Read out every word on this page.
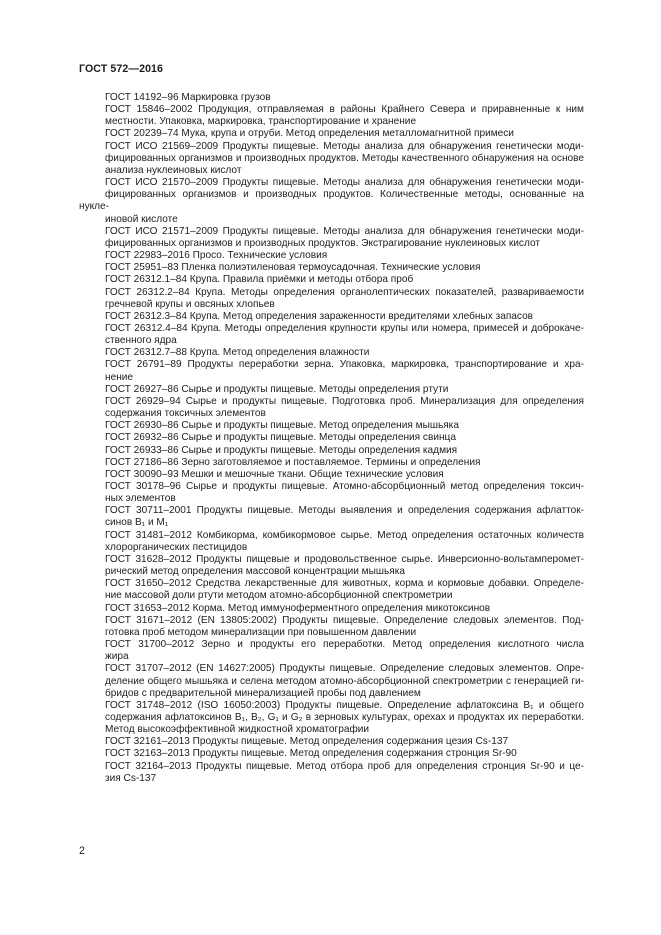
ГОСТ 572—2016

ГОСТ 14192–96 Маркировка грузов

ГОСТ 15846–2002 Продукция, отправляемая в районы Крайнего Севера и приравненные к ним
местности. Упаковка, маркировка, транспортирование и хранение

ГОСТ 20239–74 Мука, крупа и отруби. Метод определения металломагнитной примеси

ГОСТ ИСО 21569–2009 Продукты пищевые. Методы анализа для обнаружения генетически моди-
фицированных организмов и производных продуктов. Методы качественного обнаружения на основе
анализа нуклеиновых кислот

ГОСТ ИСО 21570–2009 Продукты пищевые. Методы анализа для обнаружения генетически моди-
фицированных организмов и производных продуктов. Количественные методы, основанные на нукле-
иновой кислоте

ГОСТ ИСО 21571–2009 Продукты пищевые. Методы анализа для обнаружения генетически моди-
фицированных организмов и производных продуктов. Экстрагирование нуклеиновых кислот

ГОСТ 22983–2016 Просо. Технические условия

ГОСТ 25951–83 Пленка полиэтиленовая термоусадочная. Технические условия

ГОСТ 26312.1–84 Крупа. Правила приёмки и методы отбора проб

ГОСТ 26312.2–84 Крупа. Методы определения органолептических показателей, развариваемости
гречневой крупы и овсяных хлопьев

ГОСТ 26312.3–84 Крупа. Метод определения зараженности вредителями хлебных запасов

ГОСТ 26312.4–84 Крупа. Методы определения крупности крупы или номера, примесей и доброкаче-
ственного ядра

ГОСТ 26312.7–88 Крупа. Метод определения влажности

ГОСТ 26791–89 Продукты переработки зерна. Упаковка, маркировка, транспортирование и хра-
нение

ГОСТ 26927–86 Сырье и продукты пищевые. Методы определения ртути

ГОСТ 26929–94 Сырье и продукты пищевые. Подготовка проб. Минерализация для определения
содержания токсичных элементов

ГОСТ 26930–86 Сырье и продукты пищевые. Метод определения мышьяка

ГОСТ 26932–86 Сырье и продукты пищевые. Методы определения свинца

ГОСТ 26933–86 Сырье и продукты пищевые. Методы определения кадмия

ГОСТ 27186–86 Зерно заготовляемое и поставляемое. Термины и определения

ГОСТ 30090–93 Мешки и мешочные ткани. Общие технические условия

ГОСТ 30178–96 Сырье и продукты пищевые. Атомно-абсорбционный метод определения токсич-
ных элементов

ГОСТ 30711–2001 Продукты пищевые. Методы выявления и определения содержания афлатток-
синов B₁ и M₁

ГОСТ 31481–2012 Комбикорма, комбикормовое сырье. Метод определения остаточных количеств
хлорорганических пестицидов

ГОСТ 31628–2012 Продукты пищевые и продовольственное сырье. Инверсионно-вольтамперомет-
рический метод определения массовой концентрации мышьяка

ГОСТ 31650–2012 Средства лекарственные для животных, корма и кормовые добавки. Определе-
ние массовой доли ртути методом атомно-абсорбционной спектрометрии

ГОСТ 31653–2012 Корма. Метод иммуноферментного определения микотоксинов

ГОСТ 31671–2012 (EN 13805:2002) Продукты пищевые. Определение следовых элементов. Под-
готовка проб методом минерализации при повышенном давлении

ГОСТ 31700–2012 Зерно и продукты его переработки. Метод определения кислотного числа
жира

ГОСТ 31707–2012 (EN 14627:2005) Продукты пищевые. Определение следовых элементов. Опре-
деление общего мышьяка и селена методом атомно-абсорбционной спектрометрии с генерацией ги-
бридов с предварительной минерализацией пробы под давлением

ГОСТ 31748–2012 (ISO 16050:2003) Продукты пищевые. Определение афлатоксина B₁ и общего
содержания афлатоксинов B₁, B₂, G₁ и G₂ в зерновых культурах, орехах и продуктах их переработки.
Метод высокоэффективной жидкостной хроматографии

ГОСТ 32161–2013 Продукты пищевые. Метод определения содержания цезия Cs-137

ГОСТ 32163–2013 Продукты пищевые. Метод определения содержания стронция Sr-90

ГОСТ 32164–2013 Продукты пищевые. Метод отбора проб для определения стронция Sr-90 и це-
зия Cs-137

2
